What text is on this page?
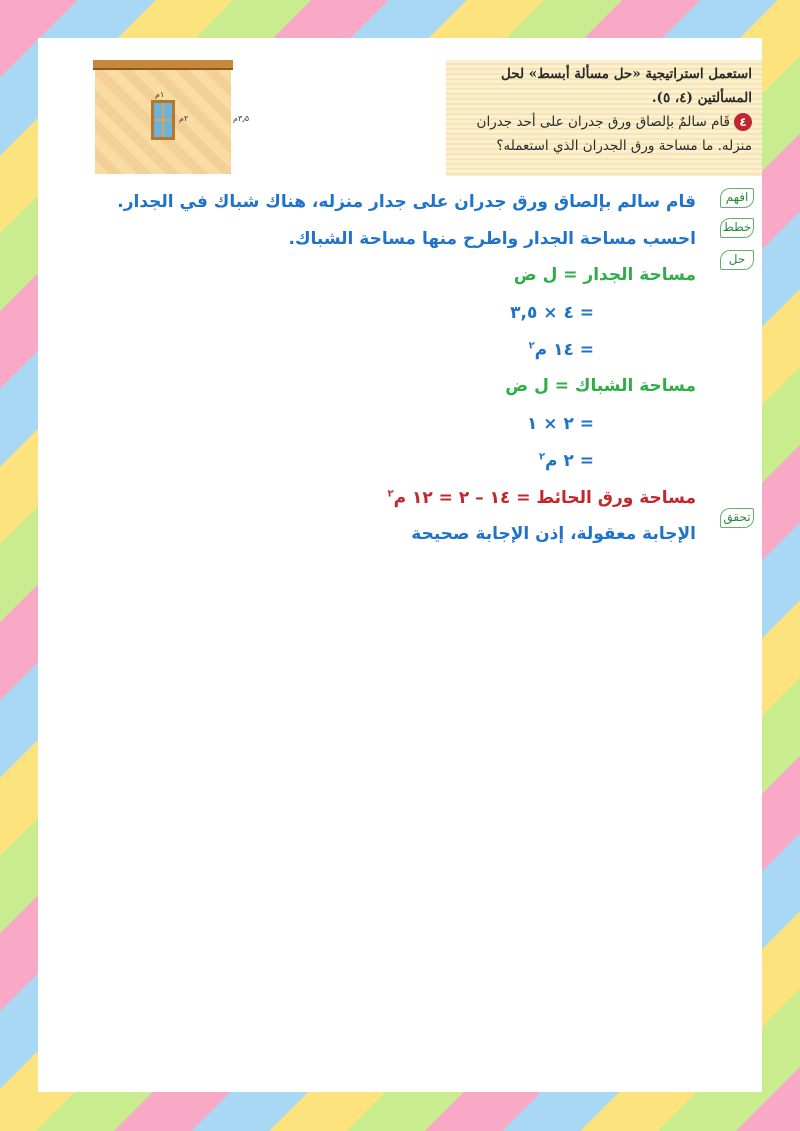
استعمل استراتيجية «حل مسألة أبسط» لحل
المسألتين (٤، ٥).
٤قَام سالمٌ بإلصاق ورق جدران على أحد جدران
منزله. ما مساحة ورق الجدران الذي استعمله؟
١م
٢م	٣٫٥م
افهم
خطط
حل
تحقق
قام سالم بإلصاق ورق جدران على جدار منزله، هناك شباك في الجدار.
احسب مساحة الجدار واطرح منها مساحة الشباك.
مساحة الجدار = ل ض
= ٤ × ٣,٥
= ١٤ م$^٢$
مساحة الشباك = ل ض
= ٢ × ١
= ٢ م$^٢$
مساحة ورق الحائط = ١٤ – ٢ = ١٢ م$^٢$
الإجابة معقولة، إذن الإجابة صحيحة
